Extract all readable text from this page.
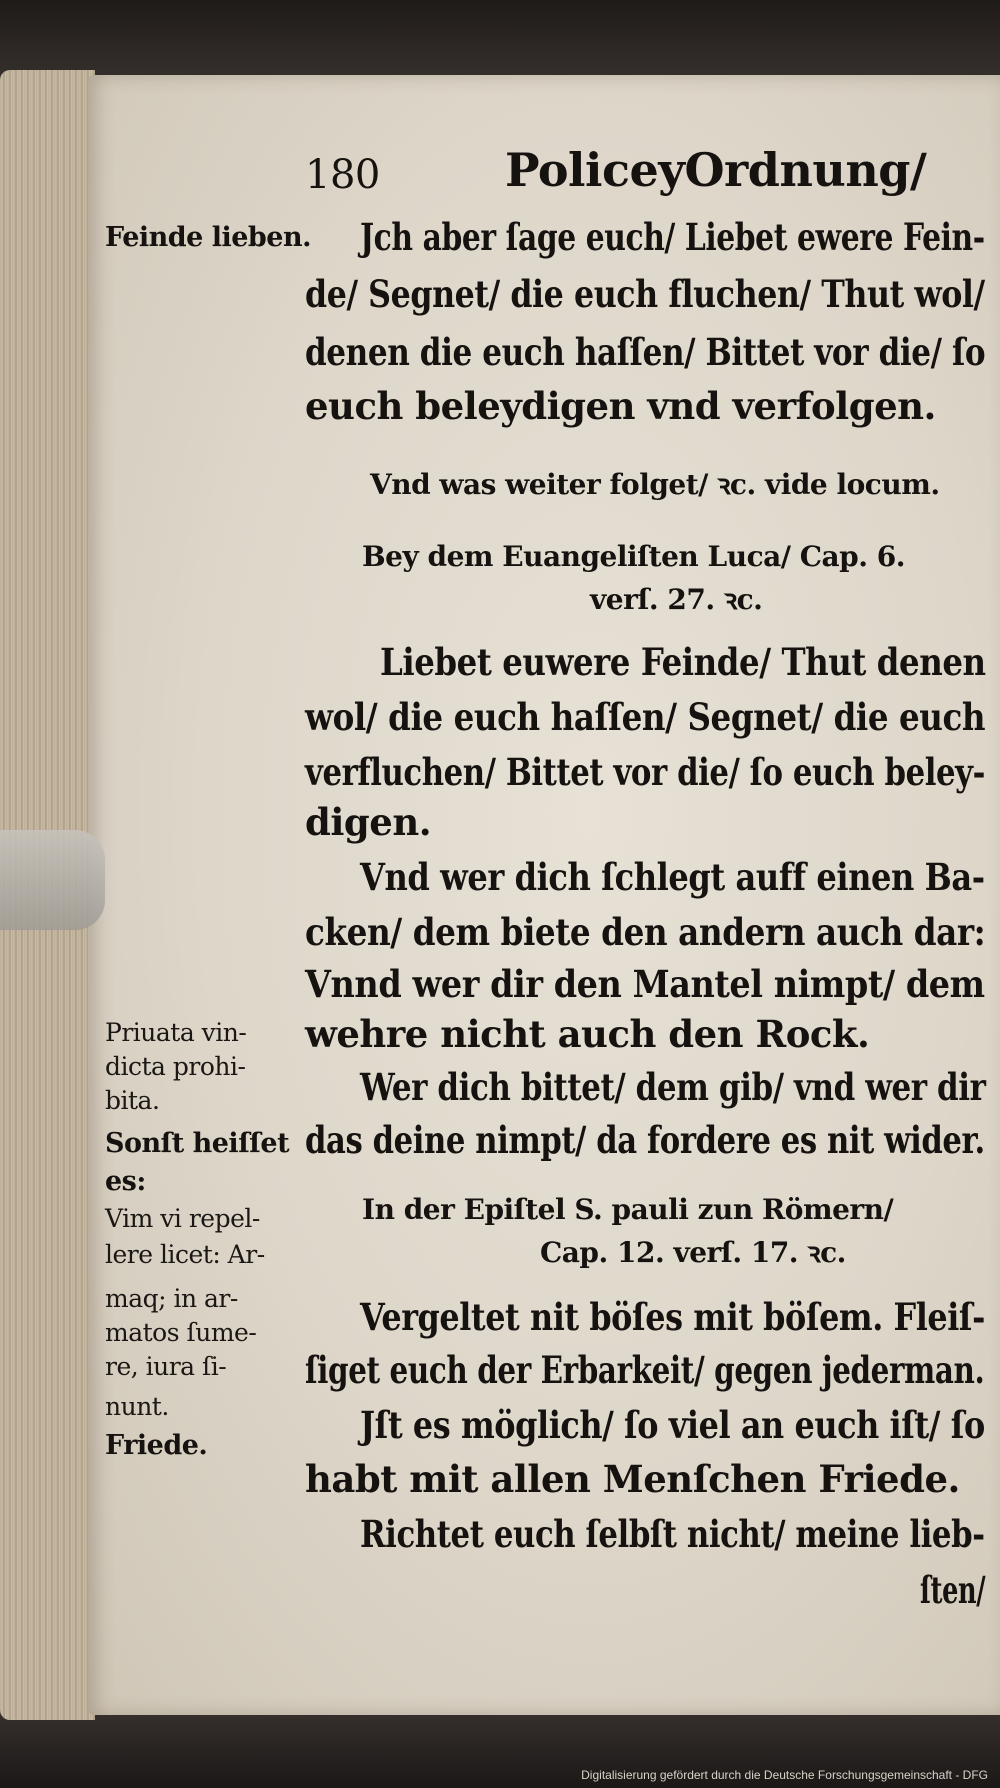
180	PoliceyOrdnung/
Feinde lieben.
Priuata vin-
dicta prohi-
bita.
Sonſt heiſſet
es:
Vim vi repel-
lere licet: Ar-
maq; in ar-
matos ſume-
re, iura ſi-
nunt.
Friede.
Jch aber ſage euch/ Liebet ewere Fein-
de/ Segnet/ die euch fluchen/ Thut wol/
denen die euch haſſen/ Bittet vor die/ ſo
euch beleydigen vnd verfolgen.
Vnd was weiter folget/ ꝛc. vide locum.
Bey dem Euangeliſten Luca/ Cap. 6.
verſ. 27. ꝛc.
Liebet euwere Feinde/ Thut denen
wol/ die euch haſſen/ Segnet/ die euch
verfluchen/ Bittet vor die/ ſo euch beley-
digen.
Vnd wer dich ſchlegt auff einen Ba-
cken/ dem biete den andern auch dar:
Vnnd wer dir den Mantel nimpt/ dem
wehre nicht auch den Rock.
Wer dich bittet/ dem gib/ vnd wer dir
das deine nimpt/ da fordere es nit wider.
In der Epiſtel S. pauli zun Römern/
Cap. 12. verſ. 17. ꝛc.
Vergeltet nit böſes mit böſem. Fleiſ-
ſiget euch der Erbarkeit/ gegen jederman.
Jſt es möglich/ ſo viel an euch iſt/ ſo
habt mit allen Menſchen Friede.
Richtet euch ſelbſt nicht/ meine lieb-
ſten/
Digitalisierung gefördert durch die Deutsche Forschungsgemeinschaft - DFG
